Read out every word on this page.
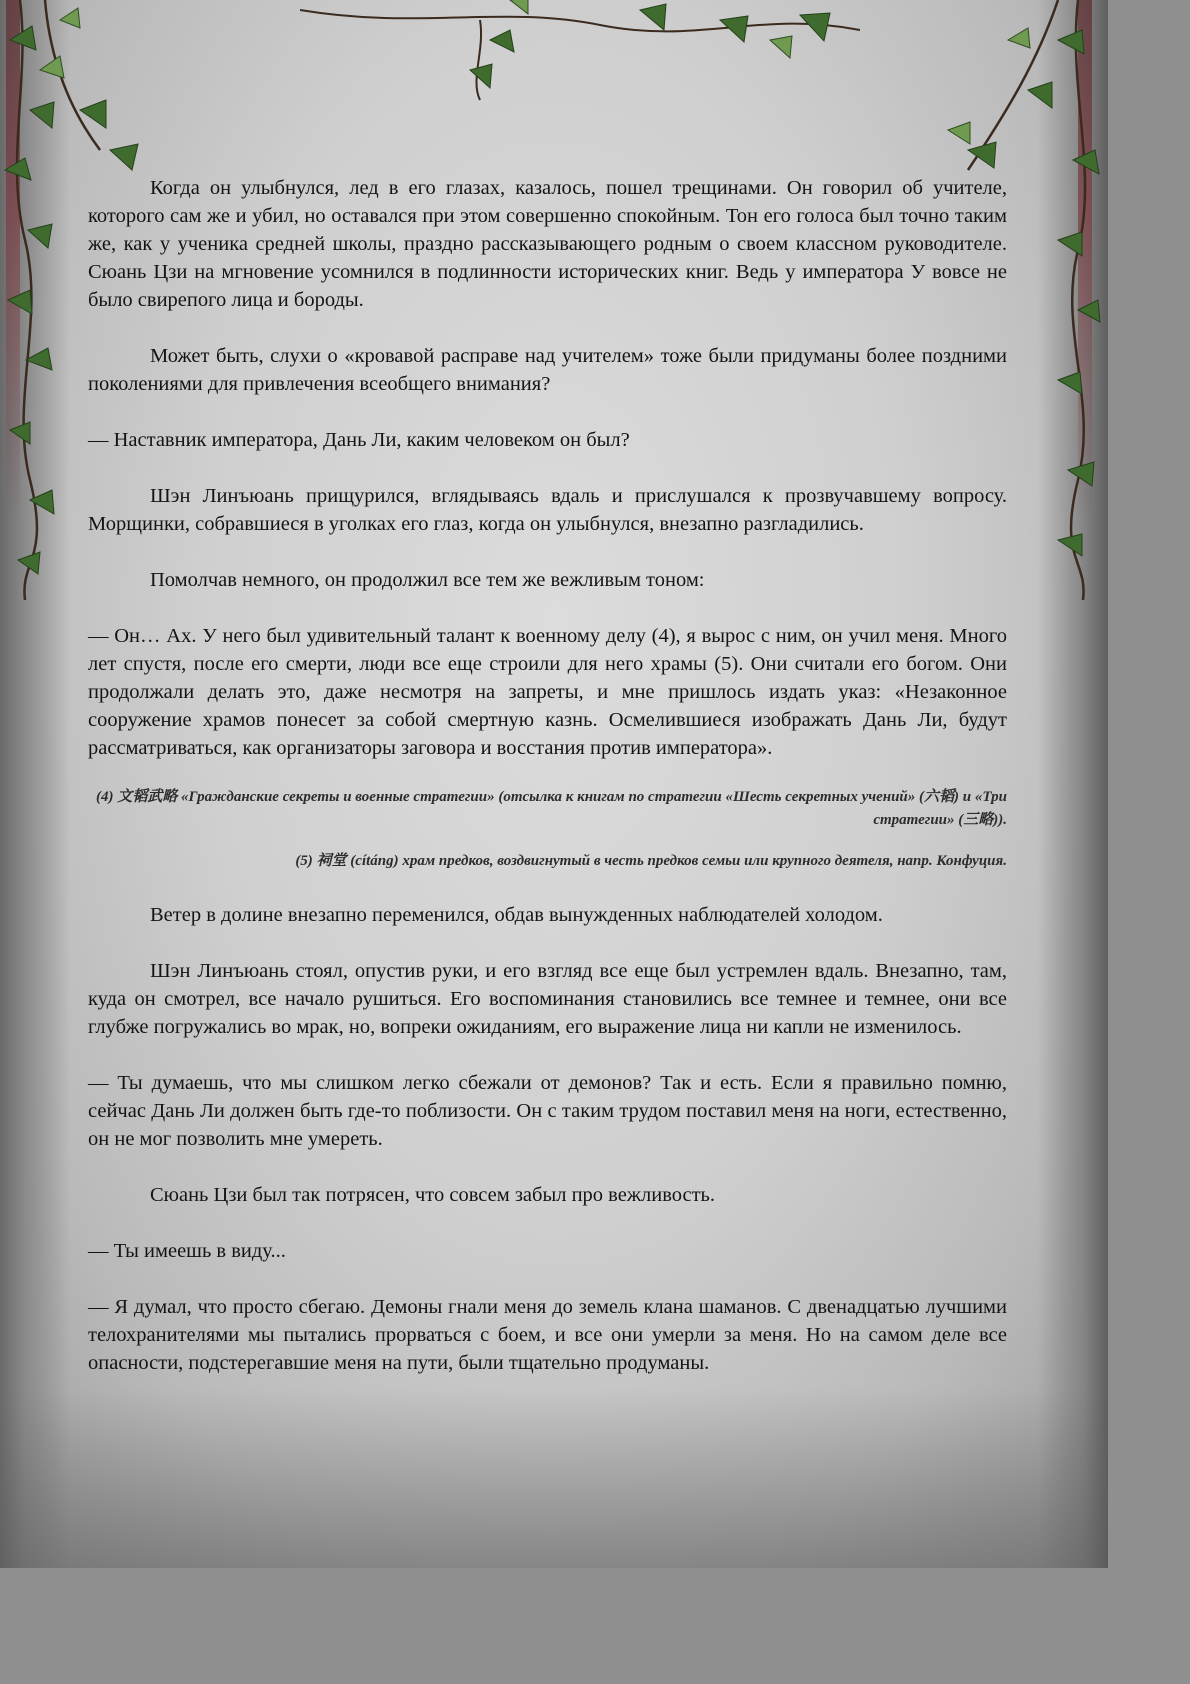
Когда он улыбнулся, лед в его глазах, казалось, пошел трещинами. Он говорил об учителе, которого сам же и убил, но оставался при этом совершенно спокойным. Тон его голоса был точно таким же, как у ученика средней школы, праздно рассказывающего родным о своем классном руководителе. Сюань Цзи на мгновение усомнился в подлинности исторических книг. Ведь у императора У вовсе не было свирепого лица и бороды.

Может быть, слухи о «кровавой расправе над учителем» тоже были придуманы более поздними поколениями для привлечения всеобщего внимания?

— Наставник императора, Дань Ли, каким человеком он был?

Шэн Линъюань прищурился, вглядываясь вдаль и прислушался к прозвучавшему вопросу. Морщинки, собравшиеся в уголках его глаз, когда он улыбнулся, внезапно разгладились.

Помолчав немного, он продолжил все тем же вежливым тоном:

— Он… Ах. У него был удивительный талант к военному делу (4), я вырос с ним, он учил меня. Много лет спустя, после его смерти, люди все еще строили для него храмы (5). Они считали его богом. Они продолжали делать это, даже несмотря на запреты, и мне пришлось издать указ: «Незаконное сооружение храмов понесет за собой смертную казнь. Осмелившиеся изображать Дань Ли, будут рассматриваться, как организаторы заговора и восстания против императора».

(4) 文韬武略 «Гражданские секреты и военные стратегии» (отсылка к книгам по стратегии «Шесть секретных учений» (六韬) и «Три стратегии» (三略)).

(5) 祠堂 (cítáng) храм предков, воздвигнутый в честь предков семьи или крупного деятеля, напр. Конфуция.

Ветер в долине внезапно переменился, обдав вынужденных наблюдателей холодом.

Шэн Линъюань стоял, опустив руки, и его взгляд все еще был устремлен вдаль. Внезапно, там, куда он смотрел, все начало рушиться. Его воспоминания становились все темнее и темнее, они все глубже погружались во мрак, но, вопреки ожиданиям, его выражение лица ни капли не изменилось.

— Ты думаешь, что мы слишком легко сбежали от демонов? Так и есть. Если я правильно помню, сейчас Дань Ли должен быть где-то поблизости. Он с таким трудом поставил меня на ноги, естественно, он не мог позволить мне умереть.

Сюань Цзи был так потрясен, что совсем забыл про вежливость.

— Ты имеешь в виду...

— Я думал, что просто сбегаю. Демоны гнали меня до земель клана шаманов. С двенадцатью лучшими телохранителями мы пытались прорваться с боем, и все они умерли за меня. Но на самом деле все опасности, подстерегавшие меня на пути, были тщательно продуманы.
